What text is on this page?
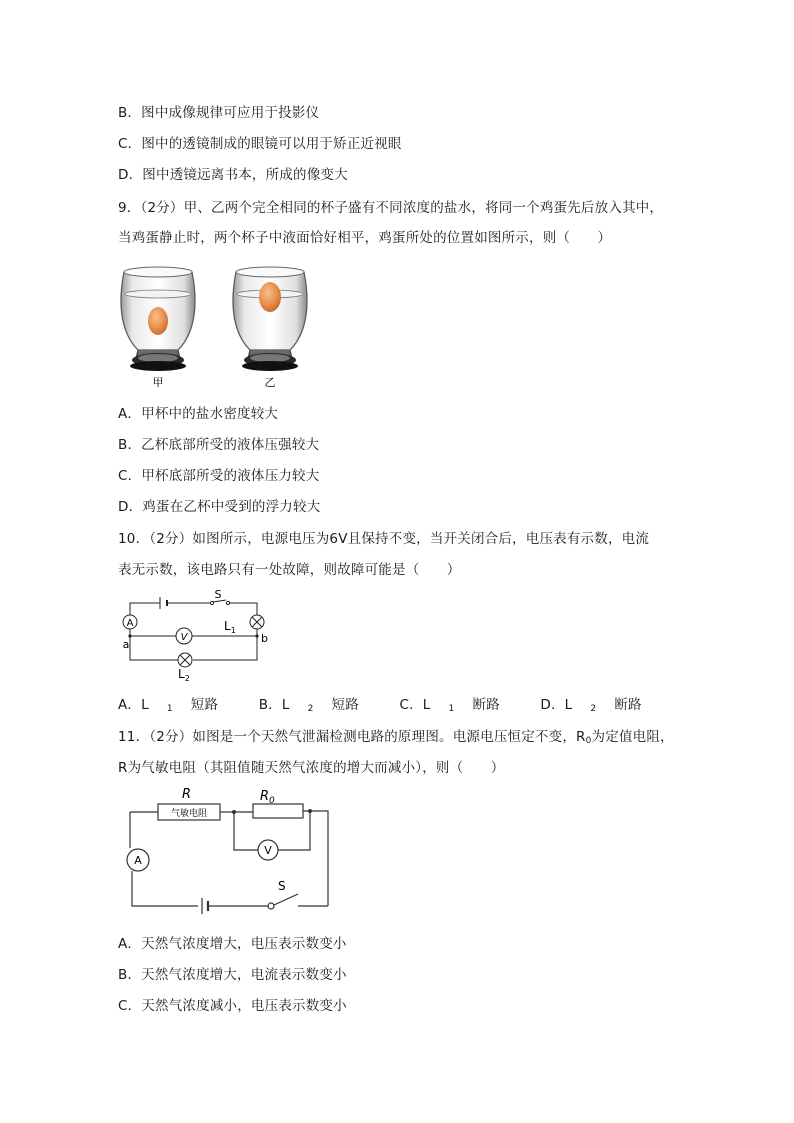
B．图中成像规律可应用于投影仪
C．图中的透镜制成的眼镜可以用于矫正近视眼
D．图中透镜远离书本，所成的像变大
9．（2分）甲、乙两个完全相同的杯子盛有不同浓度的盐水，将同一个鸡蛋先后放入其中，
当鸡蛋静止时，两个杯子中液面恰好相平，鸡蛋所处的位置如图所示，则（　　）
甲	乙
A．甲杯中的盐水密度较大
B．乙杯底部所受的液体压强较大
C．甲杯底部所受的液体压力较大
D．鸡蛋在乙杯中受到的浮力较大
10．（2分）如图所示，电源电压为6V且保持不变，当开关闭合后，电压表有示数，电流
表无示数，该电路只有一处故障，则故障可能是（　　）
A
V
S
$L_1$
$L_2$
a	b
A．L $_1$ 短路	B．L $_2$ 短路	C．L $_1$ 断路	D．L $_2$ 断路
11．（2分）如图是一个天然气泄漏检测电路的原理图。电源电压恒定不变，$R_0$为定值电阻，
R为气敏电阻（其阻值随天然气浓度的增大而减小），则（　　）
R
气敏电阻
$R_0$
A
V
S
A．天然气浓度增大，电压表示数变小
B．天然气浓度增大，电流表示数变小
C．天然气浓度减小，电压表示数变小
